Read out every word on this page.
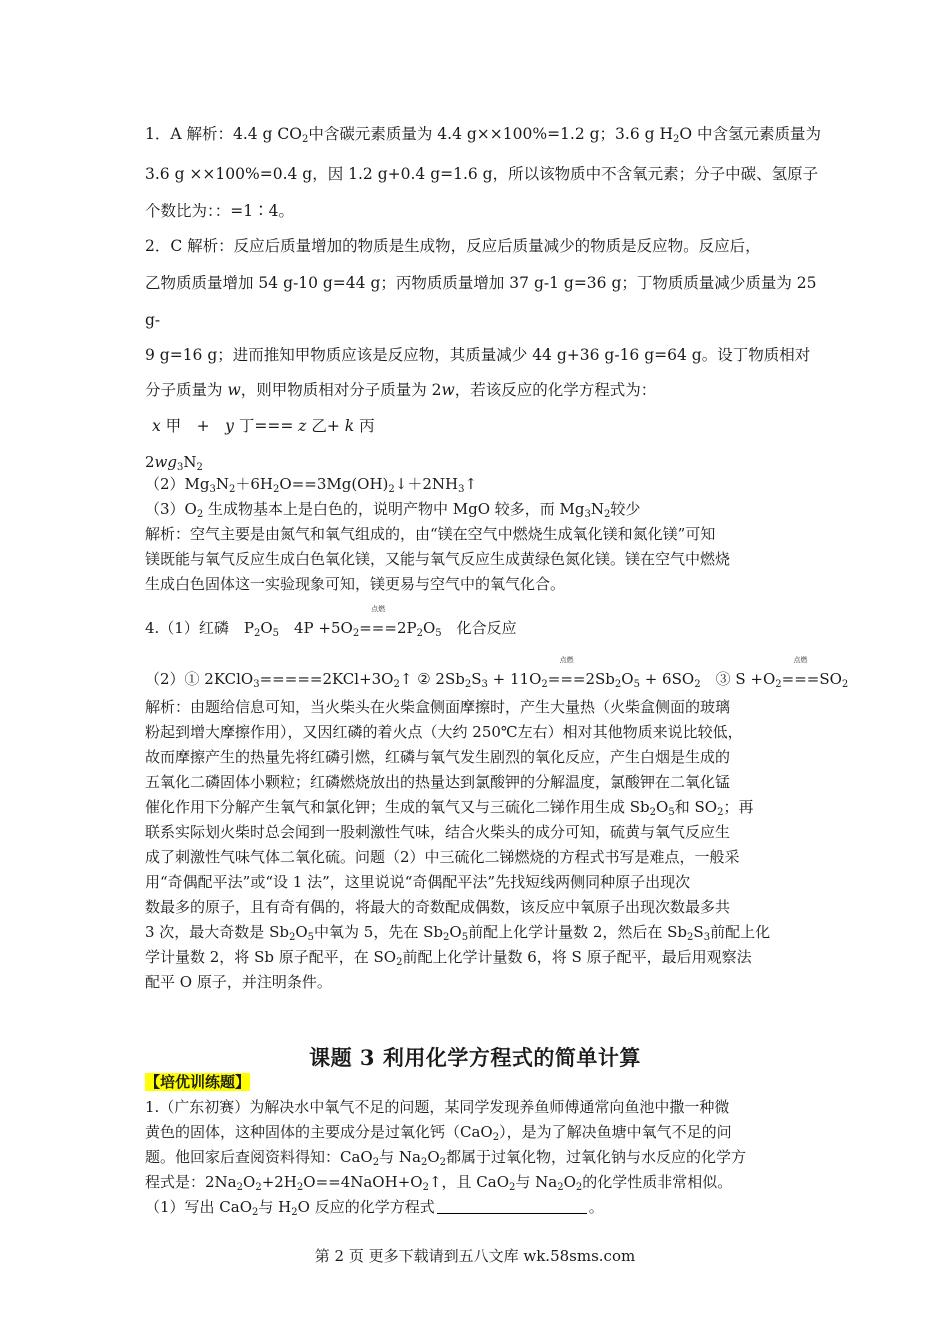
1．A 解析：4.4 g $CO_2$中含碳元素质量为 4.4 g××100%=1.2 g；3.6 g $H_2O$ 中含氢元素质量为
3.6 g ××100%=0.4 g，因 1.2 g+0.4 g=1.6 g，所以该物质中不含氧元素；分子中碳、氢原子
个数比为：：=1∶4。
2．C 解析：反应后质量增加的物质是生成物，反应后质量减少的物质是反应物。反应后，
乙物质质量增加 54 g-10 g=44 g；丙物质质量增加 37 g-1 g=36 g；丁物质质量减少质量为 25
g-
9 g=16 g；进而推知甲物质应该是反应物，其质量减少 44 g+36 g-16 g=64 g。设丁物质相对
分子质量为 w，则甲物质相对分子质量为 2w，若该反应的化学方程式为：
x 甲　+　y 丁=== z 乙+ k 丙
$2wg_3N_2$
$(2)Mg_3N_2+6H_2O==3Mg(OH)_2↓+2NH_3↑$
$(3)O_2$ 生成物基本上是白色的，说明产物中 MgO 较多，而 $Mg_3N_2$较少
解析：空气主要是由氮气和氧气组成的，由“镁在空气中燃烧生成氧化镁和氮化镁”可知
镁既能与氧气反应生成白色氧化镁，又能与氧气反应生成黄绿色氮化镁。镁在空气中燃烧
生成白色固体这一实验现象可知，镁更易与空气中的氧气化合。
4.（1）红磷　$P_2O_5$　$4P +5O_2$
点燃
$===2P_2O_5$　化合反应
（2）① $2KClO_3=====2KCl+3O_2↑$ ② $2Sb_2S_3 + 11O_2$
点燃
$===2Sb_2O_5 + 6SO_2$　③ $S +O_2$
点燃
$===SO_2$
解析：由题给信息可知，当火柴头在火柴盒侧面摩擦时，产生大量热（火柴盒侧面的玻璃
粉起到增大摩擦作用），又因红磷的着火点（大约 250℃左右）相对其他物质来说比较低，
故而摩擦产生的热量先将红磷引燃，红磷与氧气发生剧烈的氧化反应，产生白烟是生成的
五氧化二磷固体小颗粒；红磷燃烧放出的热量达到氯酸钾的分解温度，氯酸钾在二氧化锰
催化作用下分解产生氧气和氯化钾；生成的氧气又与三硫化二锑作用生成 $Sb_2O_5$和 $SO_2$；再
联系实际划火柴时总会闻到一股刺激性气味，结合火柴头的成分可知，硫黄与氧气反应生
成了刺激性气味气体二氧化硫。问题（2）中三硫化二锑燃烧的方程式书写是难点，一般采
用“奇偶配平法”或“设 1 法”，这里说说“奇偶配平法”先找短线两侧同种原子出现次
数最多的原子，且有奇有偶的，将最大的奇数配成偶数，该反应中氧原子出现次数最多共
3 次，最大奇数是 $Sb_2O_5$中氧为 5，先在 $Sb_2O_5$前配上化学计量数 2，然后在 $Sb_2S_3$前配上化
学计量数 2，将 Sb 原子配平，在 $SO_2$前配上化学计量数 6，将 S 原子配平，最后用观察法
配平 O 原子，并注明条件。
课题 3 利用化学方程式的简单计算
【培优训练题】
1.（广东初赛）为解决水中氧气不足的问题，某同学发现养鱼师傅通常向鱼池中撒一种微
黄色的固体，这种固体的主要成分是过氧化钙（CaO$_2$），是为了解决鱼塘中氧气不足的问
题。他回家后查阅资料得知：CaO$_2$与 $Na_2O_2$都属于过氧化物，过氧化钠与水反应的化学方
程式是：$2Na_2O_2+2H_2O==4NaOH+O_2↑$，且 CaO$_2$与 $Na_2O_2$的化学性质非常相似。
（1）写出 CaO$_2$与 $H_2O$ 反应的化学方程式	。
第 2 页 更多下载请到五八文库 wk.58sms.com
